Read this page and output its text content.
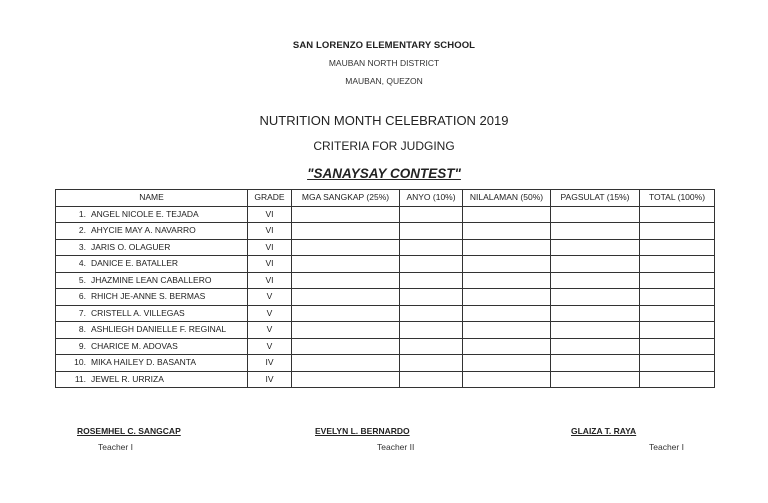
SAN LORENZO ELEMENTARY SCHOOL
MAUBAN NORTH DISTRICT
MAUBAN, QUEZON
NUTRITION MONTH CELEBRATION 2019
CRITERIA FOR JUDGING
"SANAYSAY CONTEST"
NAME	GRADE	MGA SANGKAP (25%)	ANYO (10%)	NILALAMAN (50%)	PAGSULAT (15%)	TOTAL (100%)
1. ANGEL NICOLE E. TEJADA	VI					
2. AHYCIE MAY A. NAVARRO	VI					
3. JARIS O. OLAGUER	VI					
4. DANICE E. BATALLER	VI					
5. JHAZMINE LEAN CABALLERO	VI					
6. RHICH JE-ANNE S. BERMAS	V					
7. CRISTELL A. VILLEGAS	V					
8. ASHLIEGH DANIELLE F. REGINAL	V					
9. CHARICE M. ADOVAS	V					
10. MIKA HAILEY D. BASANTA	IV					
11. JEWEL R. URRIZA	IV					
ROSEMHEL C. SANGCAP
Teacher I
EVELYN L. BERNARDO
Teacher II
GLAIZA T. RAYA
Teacher I
